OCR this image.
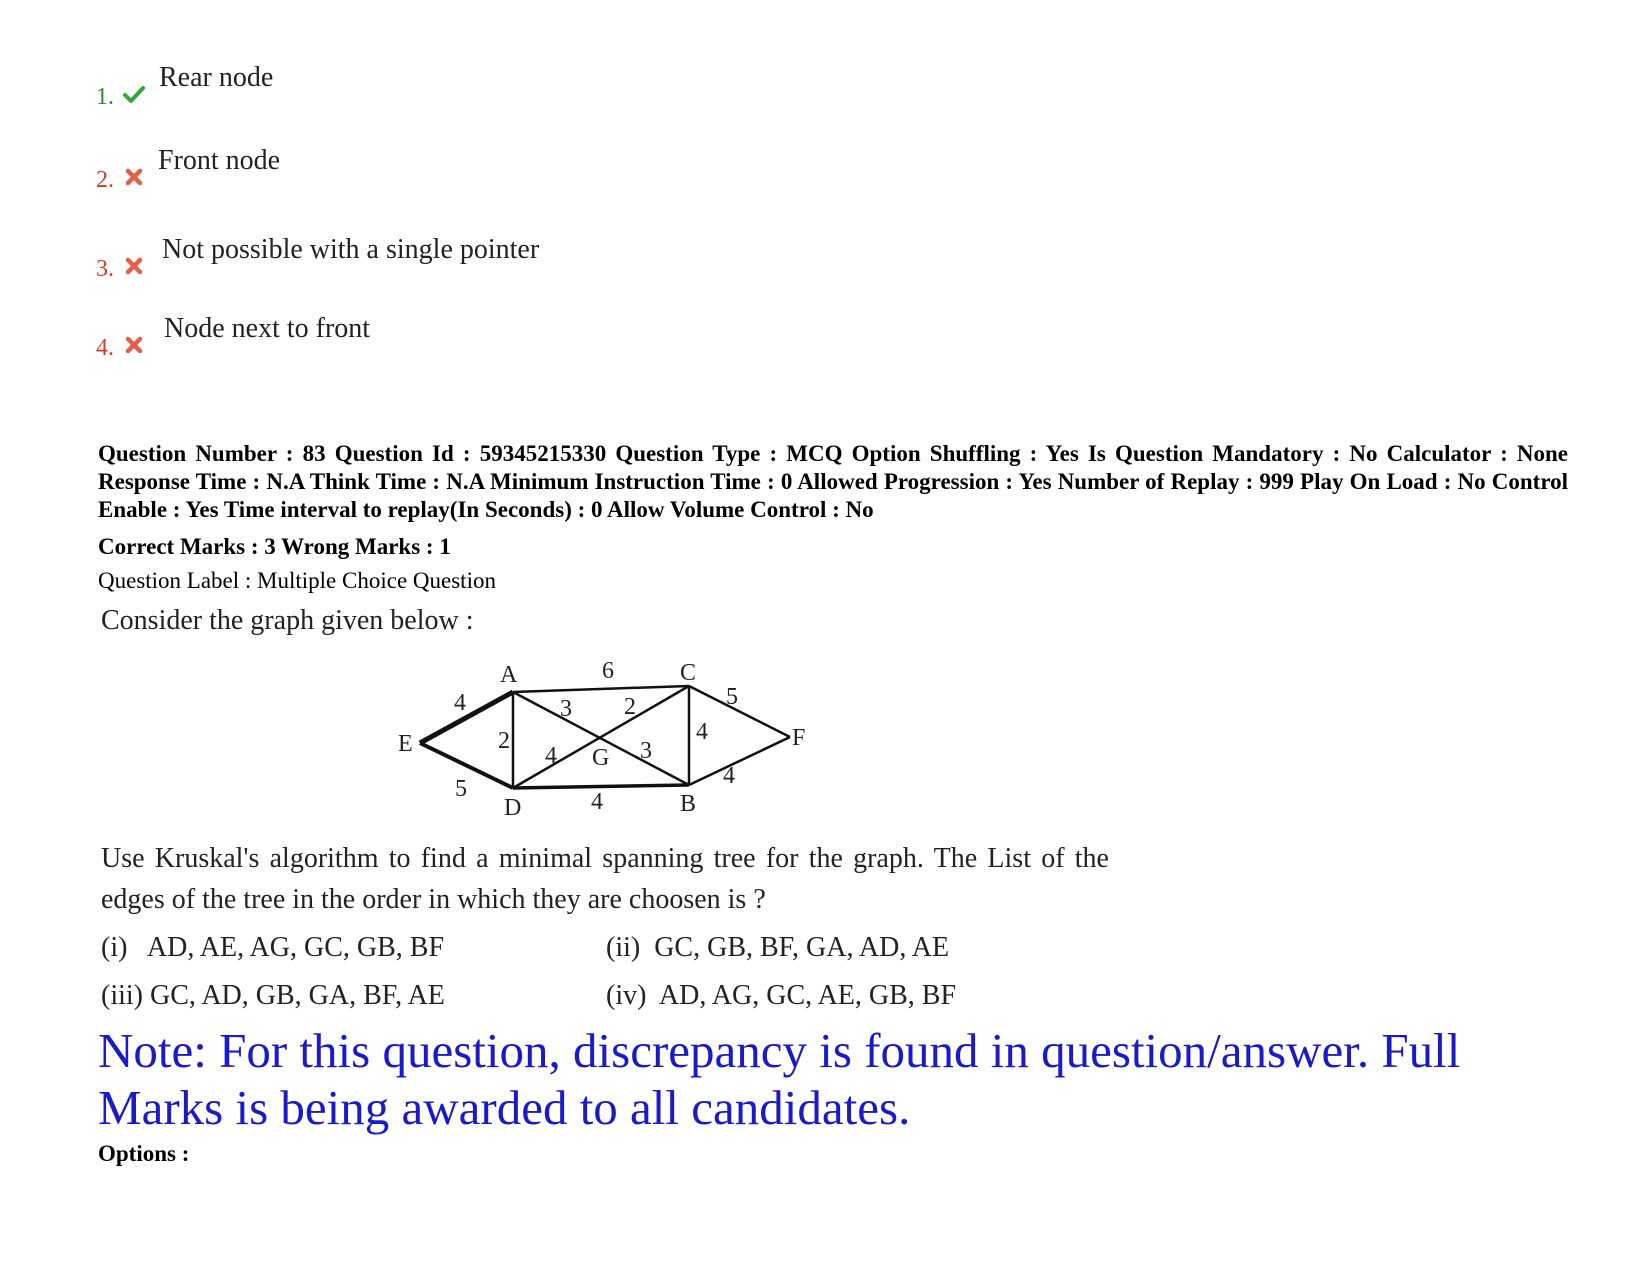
1.
Rear node
2.
Front node
3.
Not possible with a single pointer
4.
Node next to front
Question Number : 83 Question Id : 59345215330 Question Type : MCQ Option Shuffling : Yes Is Question Mandatory : No Calculator : None Response Time : N.A Think Time : N.A Minimum Instruction Time : 0 Allowed Progression : Yes Number of Replay : 999 Play On Load : No Control Enable : Yes Time interval to replay(In Seconds) : 0 Allow Volume Control : No
Correct Marks : 3 Wrong Marks : 1
Question Label : Multiple Choice Question
Consider the graph given below :
A	C
E
G
F
D	B
6
4	3 2	5
2	4
4	3
5	4
4
Use Kruskal's algorithm to find a minimal spanning tree for the graph. The List of the edges of the tree in the order in which they are choosen is ?
(i)   AD, AE, AG, GC, GB, BF	(ii)  GC, GB, BF, GA, AD, AE
(iii) GC, AD, GB, GA, BF, AE	(iv)  AD, AG, GC, AE, GB, BF
Note: For this question, discrepancy is found in question/answer. Full Marks is being awarded to all candidates.
Options :
